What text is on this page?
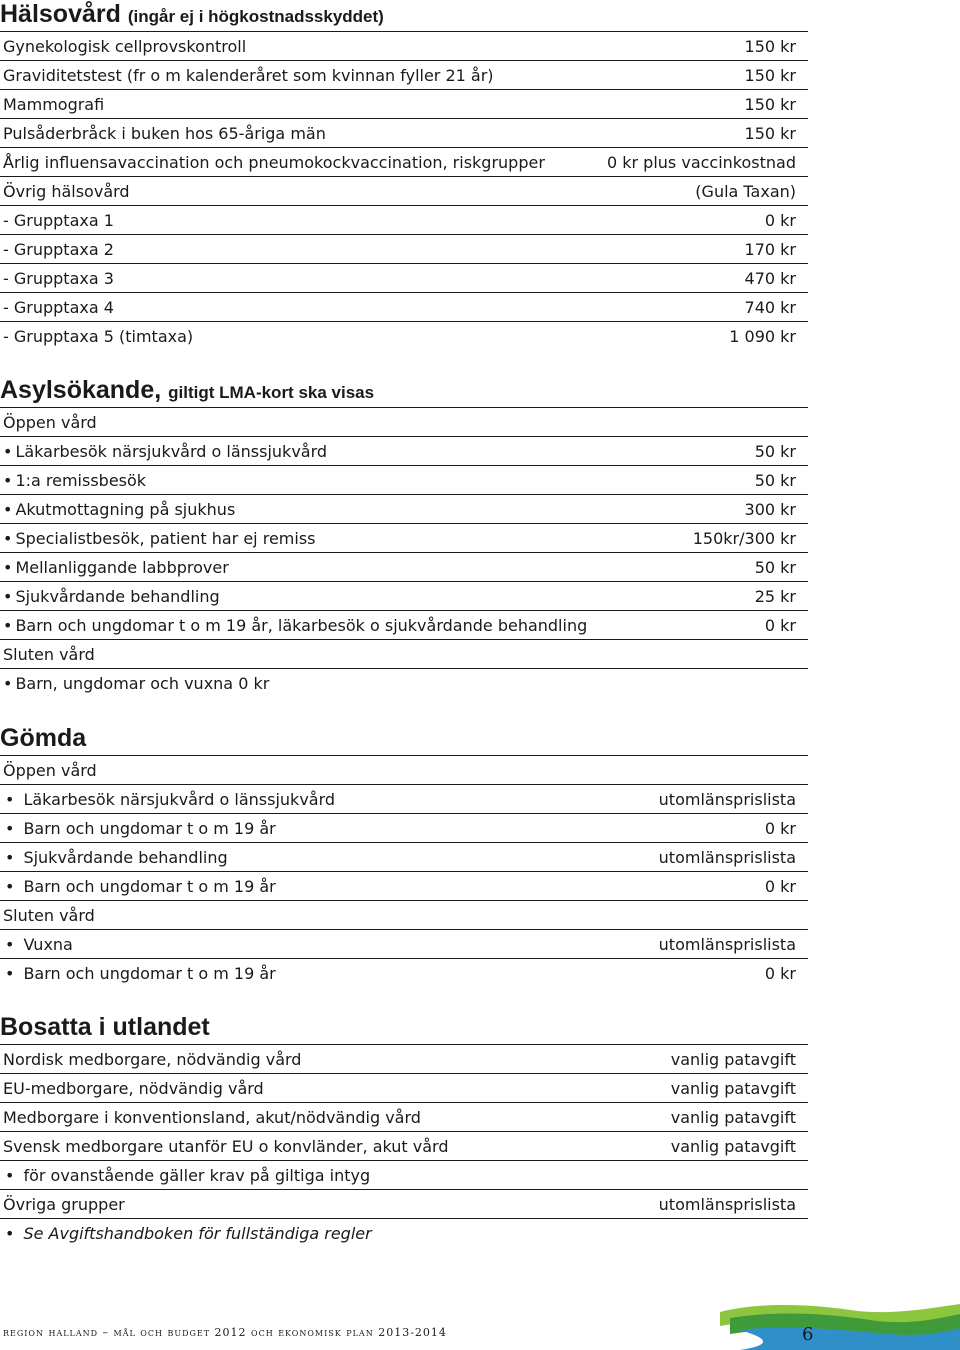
Hälsovård (ingår ej i högkostnadsskyddet)
Gynekologisk cellprovskontroll	150 kr
Graviditetstest (fr o m kalenderåret som kvinnan fyller 21 år)	150 kr
Mammografi	150 kr
Pulsåderbråck i buken hos 65-åriga män	150 kr
Årlig influensavaccination och pneumokockvaccination, riskgrupper	0 kr plus vaccinkostnad
Övrig hälsovård	(Gula Taxan)
- Grupptaxa 1	0 kr
- Grupptaxa 2	170 kr
- Grupptaxa 3	470 kr
- Grupptaxa 4	740 kr
- Grupptaxa 5 (timtaxa)	1 090 kr
Asylsökande, giltigt LMA-kort ska visas
Öppen vård
• Läkarbesök närsjukvård o länssjukvård	50 kr
• 1:a remissbesök	50 kr
• Akutmottagning på sjukhus	300 kr
• Specialistbesök, patient har ej remiss	150kr/300 kr
• Mellanliggande labbprover	50 kr
• Sjukvårdande behandling	25 kr
• Barn och ungdomar t o m 19 år, läkarbesök o sjukvårdande behandling	0 kr
Sluten vård
• Barn, ungdomar och vuxna 0 kr
Gömda
Öppen vård
• Läkarbesök närsjukvård o länssjukvård	utomlänsprislista
• Barn och ungdomar t o m 19 år	0 kr
• Sjukvårdande behandling	utomlänsprislista
• Barn och ungdomar t o m 19 år	0 kr
Sluten vård
• Vuxna	utomlänsprislista
• Barn och ungdomar t o m 19 år	0 kr
Bosatta i utlandet
Nordisk medborgare, nödvändig vård	vanlig patavgift
EU-medborgare, nödvändig vård	vanlig patavgift
Medborgare i konventionsland, akut/nödvändig vård	vanlig patavgift
Svensk medborgare utanför EU o konvländer, akut vård	vanlig patavgift
• för ovanstående gäller krav på giltiga intyg
Övriga grupper	utomlänsprislista
• Se Avgiftshandboken för fullständiga regler
region halland – mål och budget 2012 och ekonomisk plan 2013-2014	6
